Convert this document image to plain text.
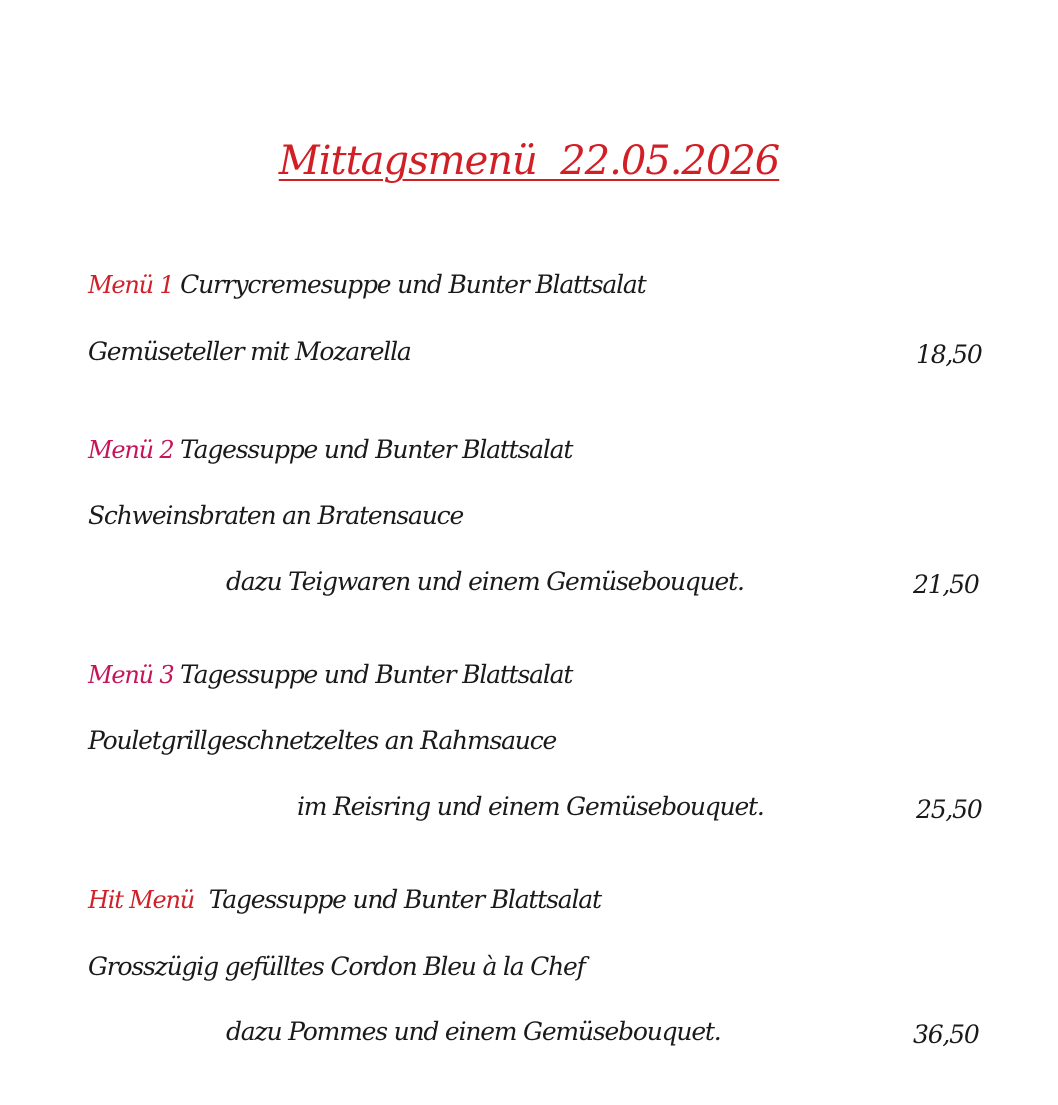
Mittagsmenü  22.05.2026
Menü 1 Currycremesuppe und Bunter Blattsalat
Gemüseteller mit Mozarella	18,50
Menü 2 Tagessuppe und Bunter Blattsalat
Schweinsbraten an Bratensauce
dazu Teigwaren und einem Gemüsebouquet.	21,50
Menü 3 Tagessuppe und Bunter Blattsalat
Pouletgrillgeschnetzeltes an Rahmsauce
im Reisring und einem Gemüsebouquet.	25,50
Hit Menü Tagessuppe und Bunter Blattsalat
Grosszügig gefülltes Cordon Bleu à la Chef
dazu Pommes und einem Gemüsebouquet.	36,50
